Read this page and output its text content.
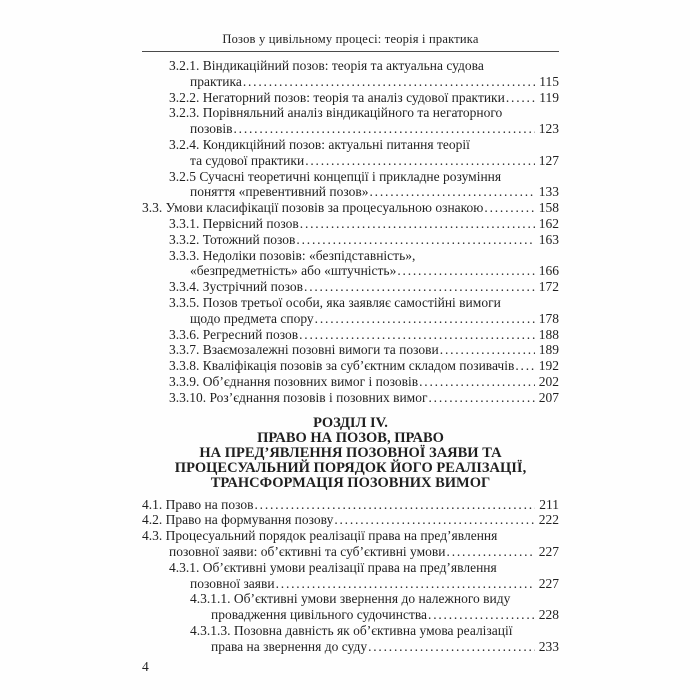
Позов у цивільному процесі: теорія і практика
3.2.1. Віндикаційний позов: теорія та актуальна судова
практика .....	115
3.2.2. Негаторний позов: теорія та аналіз судової практики .....	119
3.2.3. Порівняльний аналіз віндикаційного та негаторного
позовів .....	123
3.2.4. Кондикційний позов: актуальні питання теорії
та судової практики .....	127
3.2.5 Сучасні теоретичні концепції і прикладне розуміння
поняття «превентивний позов» .....	133
3.3. Умови класифікації позовів за процесуальною ознакою .....	158
3.3.1. Первісний позов .....	162
3.3.2. Тотожний позов .....	163
3.3.3. Недоліки позовів: «безпідставність»,
«безпредметність» або «штучність» .....	166
3.3.4. Зустрічний позов .....	172
3.3.5. Позов третьої особи, яка заявляє самостійні вимоги
щодо предмета спору .....	178
3.3.6. Регресний позов .....	188
3.3.7. Взаємозалежні позовні вимоги та позови .....	189
3.3.8. Кваліфікація позовів за суб’єктним складом позивачів ..... 192
3.3.9. Об’єднання позовних вимог і позовів .....	202
3.3.10. Роз’єднання позовів і позовних вимог .....	207
РОЗДІЛ IV.
ПРАВО НА ПОЗОВ, ПРАВО
НА ПРЕД’ЯВЛЕННЯ ПОЗОВНОЇ ЗАЯВИ ТА
ПРОЦЕСУАЛЬНИЙ ПОРЯДОК ЙОГО РЕАЛІЗАЦІЇ,
ТРАНСФОРМАЦІЯ ПОЗОВНИХ ВИМОГ
4.1. Право на позов .....	211
4.2. Право на формування позову .....	222
4.3. Процесуальний порядок реалізації права на пред’явлення
позовної заяви: об’єктивні та суб’єктивні умови .....	227
4.3.1. Об’єктивні умови реалізації права на пред’явлення
позовної заяви .....	227
4.3.1.1. Об’єктивні умови звернення до належного виду
провадження цивільного судочинства .....	228
4.3.1.3. Позовна давність як об’єктивна умова реалізації
права на звернення до суду .....	233
4
